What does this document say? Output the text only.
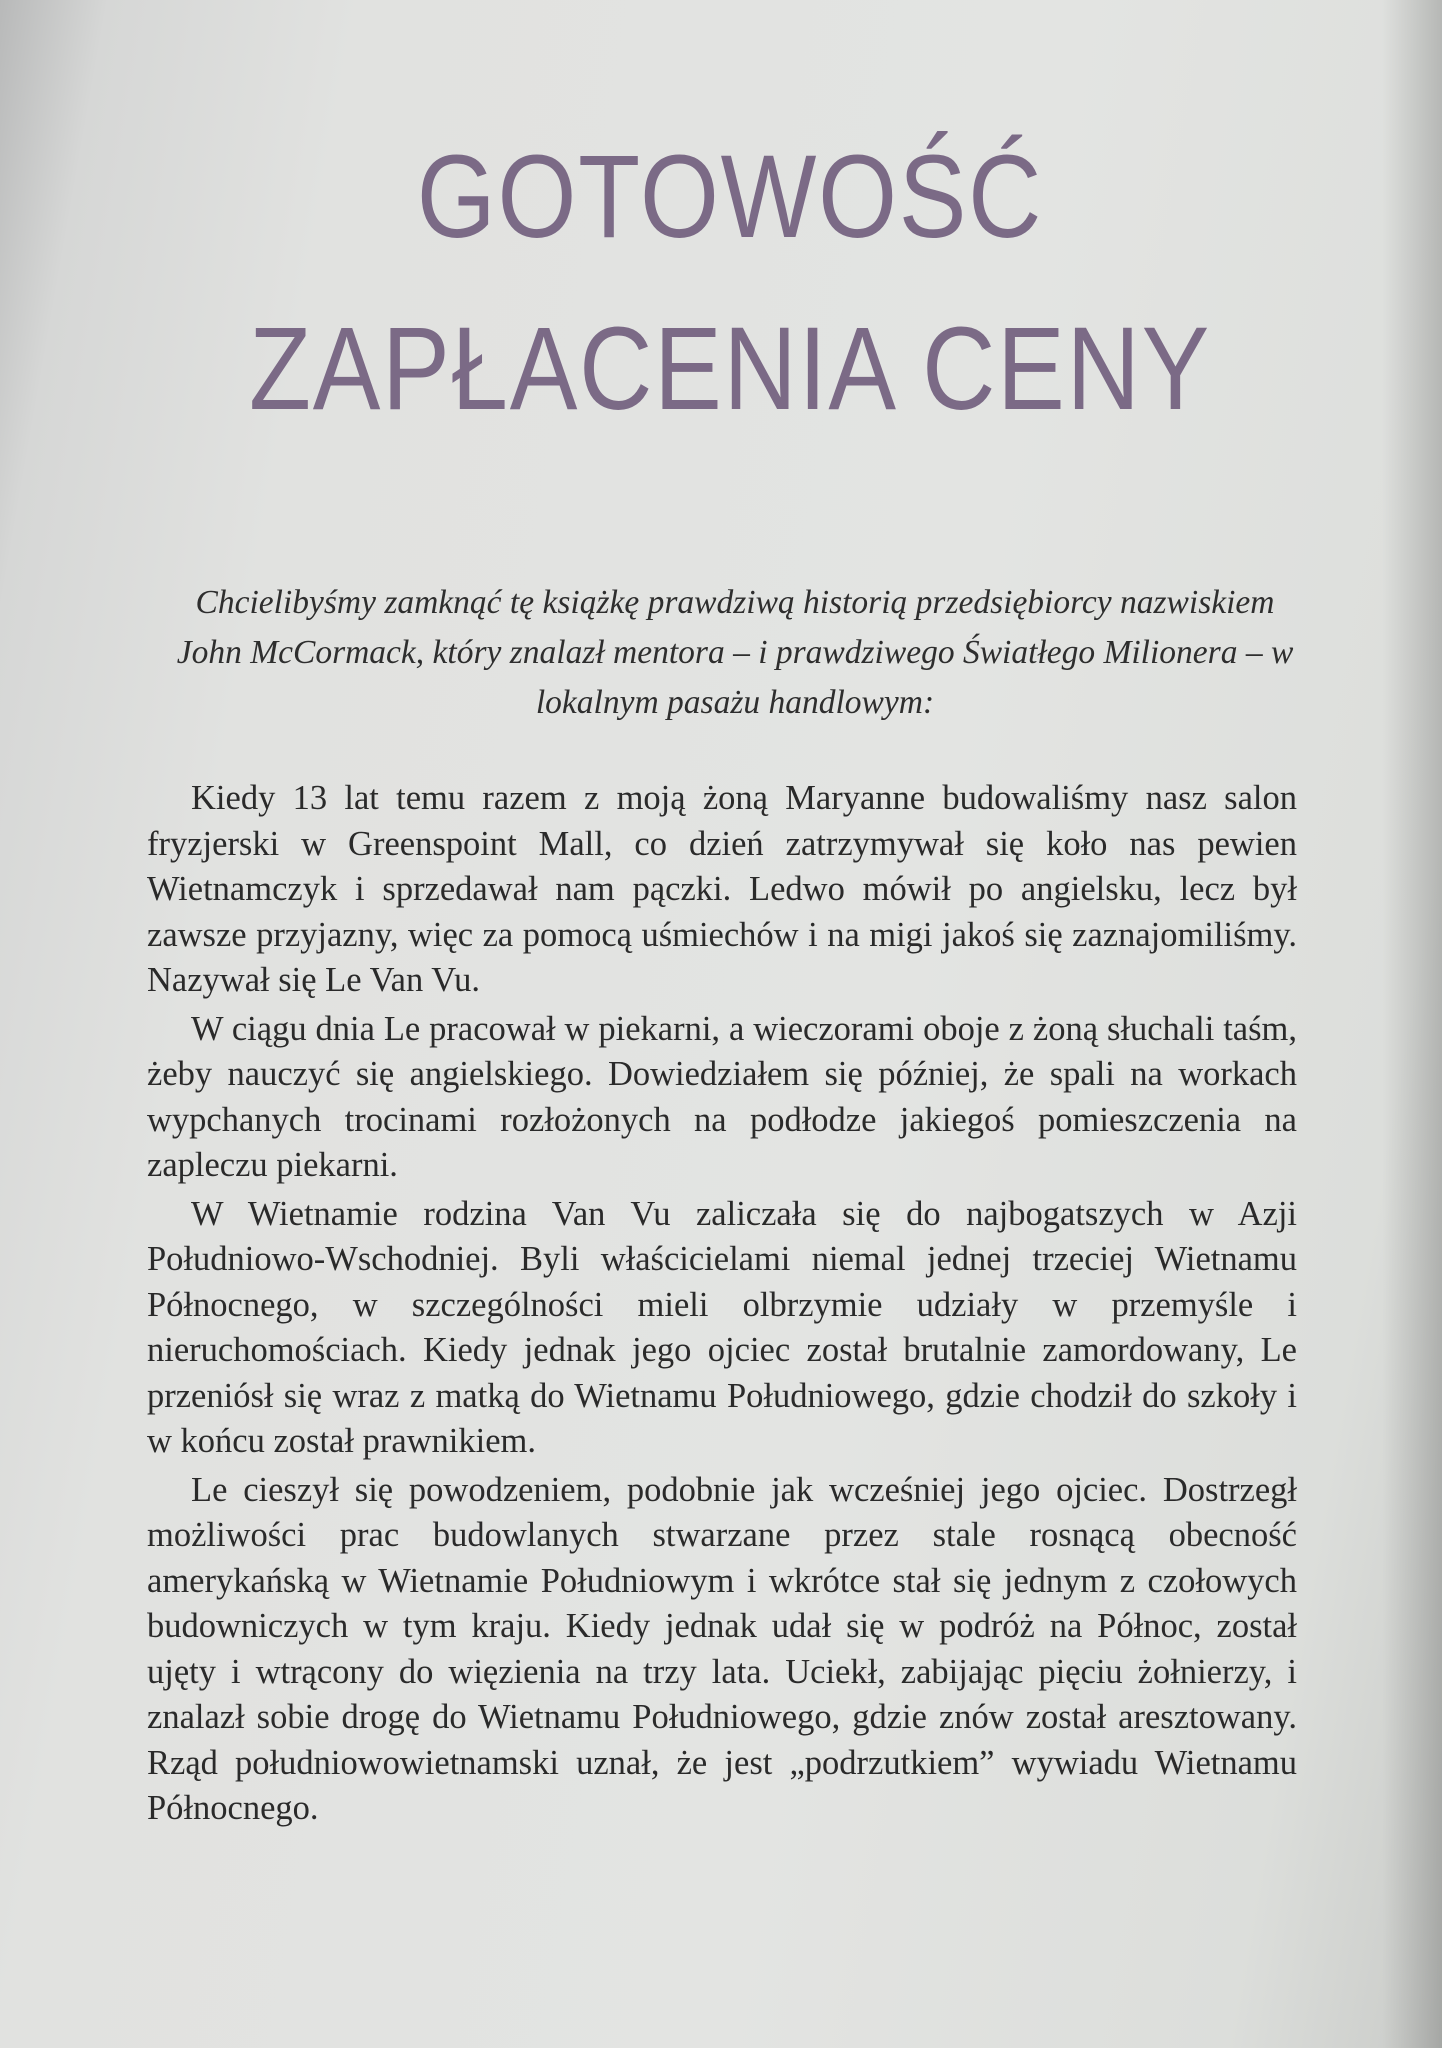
GOTOWOŚĆ
ZAPŁACENIA CENY

Chcielibyśmy zamknąć tę książkę prawdziwą historią przedsiębiorcy nazwiskiem John McCormack, który znalazł mentora – i prawdziwego Światłego Milionera – w lokalnym pasażu handlowym:

Kiedy 13 lat temu razem z moją żoną Maryanne budowaliśmy nasz salon fryzjerski w Greenspoint Mall, co dzień zatrzymywał się koło nas pewien Wietnamczyk i sprzedawał nam pączki. Ledwo mówił po angielsku, lecz był zawsze przyjazny, więc za pomocą uśmiechów i na migi jakoś się zaznajomiliśmy. Nazywał się Le Van Vu.

W ciągu dnia Le pracował w piekarni, a wieczorami oboje z żoną słuchali taśm, żeby nauczyć się angielskiego. Dowiedziałem się później, że spali na workach wypchanych trocinami rozłożonych na podłodze jakiegoś pomieszczenia na zapleczu piekarni.

W Wietnamie rodzina Van Vu zaliczała się do najbogatszych w Azji Południowo-Wschodniej. Byli właścicielami niemal jednej trzeciej Wietnamu Północnego, w szczególności mieli olbrzymie udziały w przemyśle i nieruchomościach. Kiedy jednak jego ojciec został brutalnie zamordowany, Le przeniósł się wraz z matką do Wietnamu Południowego, gdzie chodził do szkoły i w końcu został prawnikiem.

Le cieszył się powodzeniem, podobnie jak wcześniej jego ojciec. Dostrzegł możliwości prac budowlanych stwarzane przez stale rosnącą obecność amerykańską w Wietnamie Południowym i wkrótce stał się jednym z czołowych budowniczych w tym kraju. Kiedy jednak udał się w podróż na Północ, został ujęty i wtrącony do więzienia na trzy lata. Uciekł, zabijając pięciu żołnierzy, i znalazł sobie drogę do Wietnamu Południowego, gdzie znów został aresztowany. Rząd południowowietnamski uznał, że jest „podrzutkiem” wywiadu Wietnamu Północnego.
